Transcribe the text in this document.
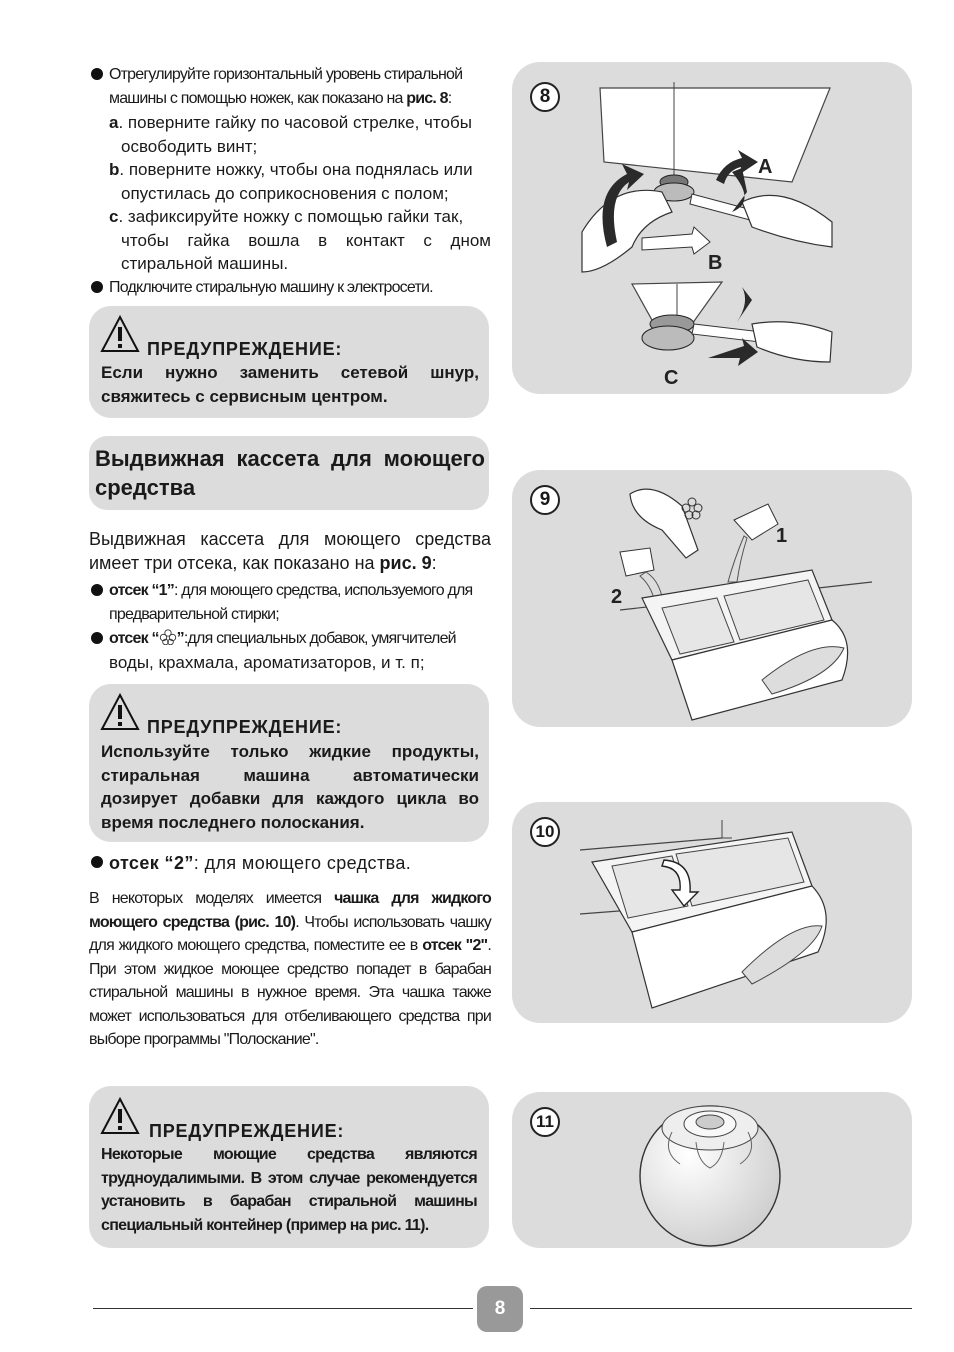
Отрегулируйте горизонтальный уровень стиральной
машины с помощью ножек, как показано на рис. 8:
a. поверните гайку по часовой стрелке, чтобы
освободить винт;
b. поверните ножку, чтобы она поднялась или
опустилась до соприкосновения с полом;
c. зафиксируйте ножку с помощью гайки так,
чтобы гайка вошла в контакт с дном
стиральной машины.
Подключите стиральную машину к электросети.
ПРЕДУПРЕЖДЕНИЕ:
Если нужно заменить сетевой шнур, свяжитесь с сервисным центром.
Выдвижная кассета для моющего средства
Выдвижная кассета для моющего средства имеет три отсека, как показано на рис. 9:
отсек “1”: для моющего средства, используемого для предварительной стирки;
отсек “ ”:для специальных добавок, умягчителей
воды, крахмала, ароматизаторов, и т. п;
ПРЕДУПРЕЖДЕНИЕ:
Используйте только жидкие продукты, стиральная машина автоматически дозирует добавки для каждого цикла во время последнего полоскания.
отсек “2”: для моющего средства.
В некоторых моделях имеется чашка для жидкого моющего средства (рис. 10). Чтобы использовать чашку для жидкого моющего средства, поместите ее в отсек "2". При этом жидкое моющее средство попадет в барабан стиральной машины в нужное время. Эта чашка также может использоваться для отбеливающего средства при выборе программы "Полоскание".
ПРЕДУПРЕЖДЕНИЕ:
Некоторые моющие средства являются трудноудалимыми. В этом случае рекомендуется установить в барабан стиральной машины специальный контейнер (пример на рис. 11).
8
A
B
C
9
1
2
10
11
8
